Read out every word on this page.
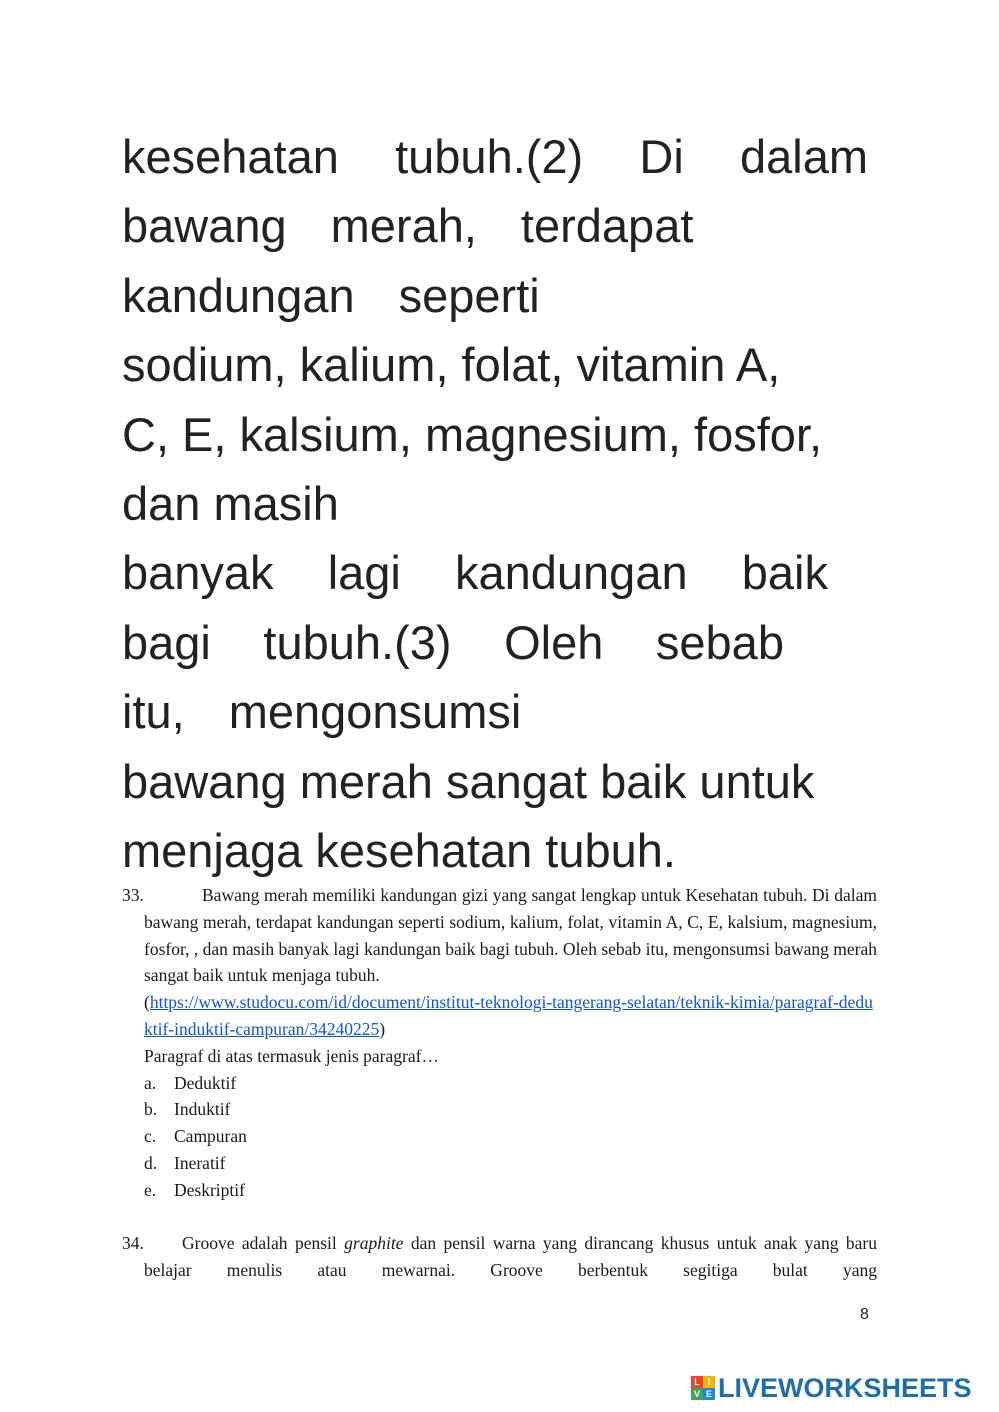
kesehatan tubuh.(2) Di dalam
bawang merah, terdapat
kandungan seperti
sodium, kalium, folat, vitamin A,
C, E, kalsium, magnesium, fosfor,
dan masih
banyak lagi kandungan baik
bagi tubuh.(3) Oleh sebab
itu, mengonsumsi
bawang merah sangat baik untuk
menjaga kesehatan tubuh.

33.	Bawang merah memiliki kandungan gizi yang sangat lengkap untuk Kesehatan tubuh. Di dalam bawang merah, terdapat kandungan seperti sodium, kalium, folat, vitamin A, C, E, kalsium, magnesium, fosfor, , dan masih banyak lagi kandungan baik bagi tubuh. Oleh sebab itu, mengonsumsi bawang merah sangat baik untuk menjaga tubuh.

(https://www.studocu.com/id/document/institut-teknologi-tangerang-selatan/teknik-kimia/paragraf-deduktif-induktif-campuran/34240225)

Paragraf di atas termasuk jenis paragraf…

a. Deduktif
b. Induktif
c. Campuran
d. Ineratif
e. Deskriptif

34. Groove adalah pensil graphite dan pensil warna yang dirancang khusus untuk anak yang baru belajar menulis atau mewarnai. Groove berbentuk segitiga bulat yang

8
L I
V E LIVEWORKSHEETS
